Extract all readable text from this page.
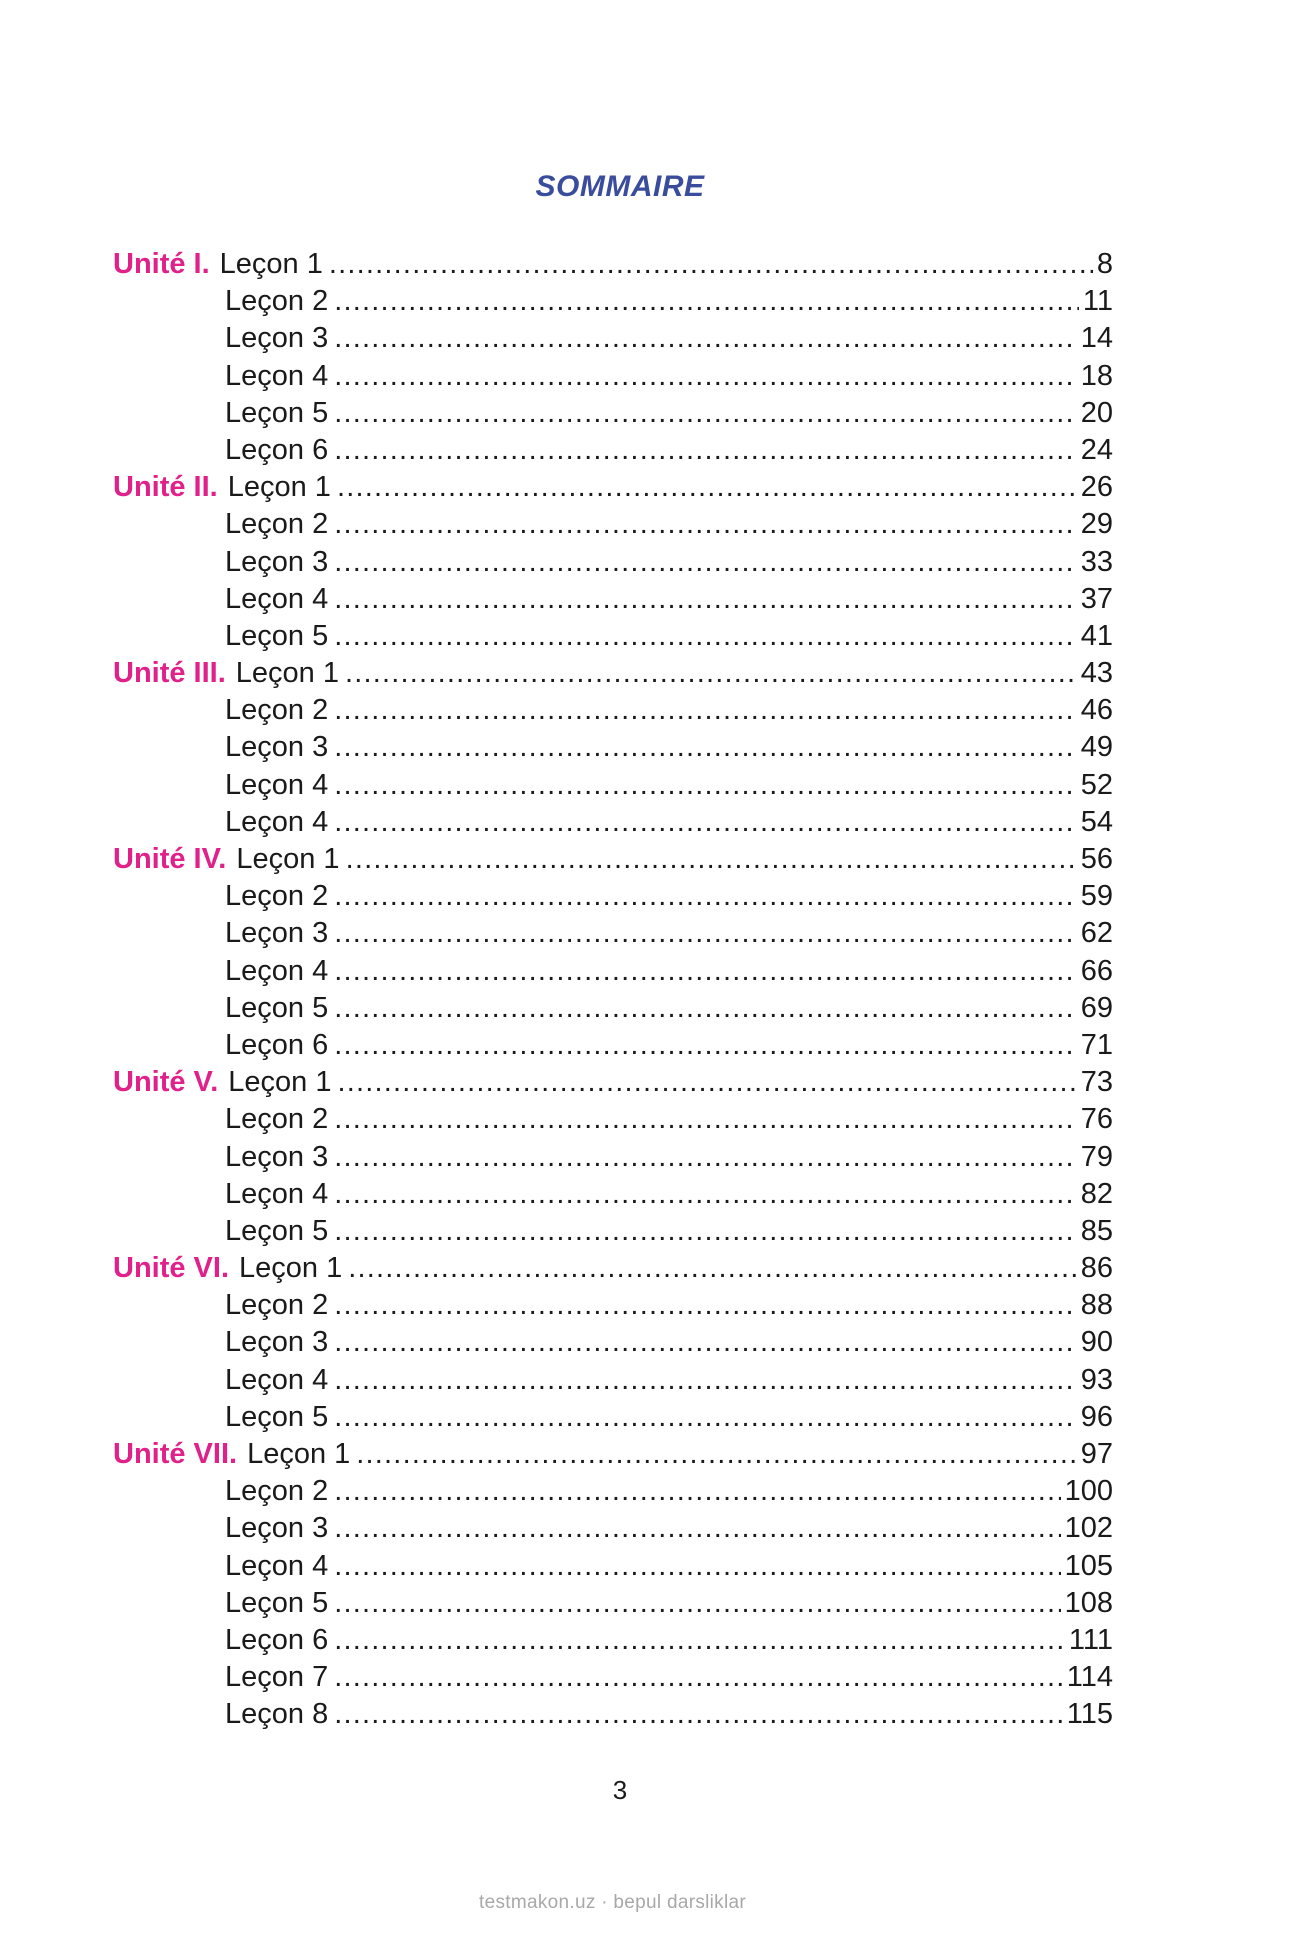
SOMMAIRE
Unité I. Leçon 1 .....	8
Leçon 2 .....	11
Leçon 3 .....	14
Leçon 4 .....	18
Leçon 5 .....	20
Leçon 6 .....	24
Unité II. Leçon 1 .....	26
Leçon 2 .....	29
Leçon 3 .....	33
Leçon 4 .....	37
Leçon 5 .....	41
Unité III. Leçon 1 .....	43
Leçon 2 .....	46
Leçon 3 .....	49
Leçon 4 .....	52
Leçon 4 .....	54
Unité IV. Leçon 1 .....	56
Leçon 2 .....	59
Leçon 3 .....	62
Leçon 4 .....	66
Leçon 5 .....	69
Leçon 6 .....	71
Unité V. Leçon 1 .....	73
Leçon 2 .....	76
Leçon 3 .....	79
Leçon 4 .....	82
Leçon 5 .....	85
Unité VI. Leçon 1 .....	86
Leçon 2 .....	88
Leçon 3 .....	90
Leçon 4 .....	93
Leçon 5 .....	96
Unité VII. Leçon 1 .....	97
Leçon 2 .....	100
Leçon 3 .....	102
Leçon 4 .....	105
Leçon 5 .....	108
Leçon 6 .....	111
Leçon 7 .....	114
Leçon 8 .....	115
3
testmakon.uz · bepul darsliklar
